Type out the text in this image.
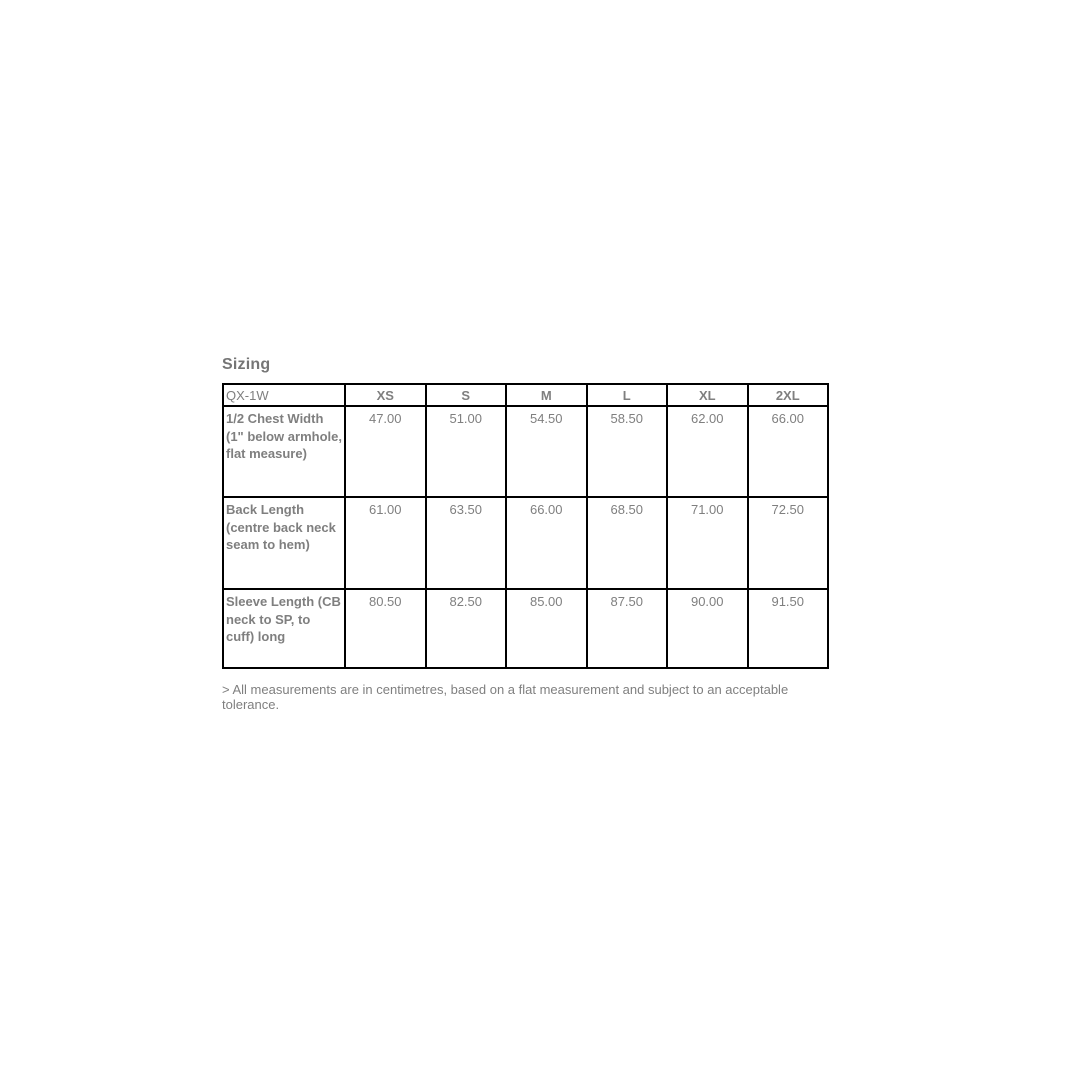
Sizing
QX-1W	XS	S	M	L	XL	2XL
1/2 Chest Width (1" below armhole, flat measure)	47.00	51.00	54.50	58.50	62.00	66.00
Back Length (centre back neck seam to hem)	61.00	63.50	66.00	68.50	71.00	72.50
Sleeve Length (CB neck to SP, to cuff) long	80.50	82.50	85.00	87.50	90.00	91.50

> All measurements are in centimetres, based on a flat measurement and subject to an acceptable tolerance.
